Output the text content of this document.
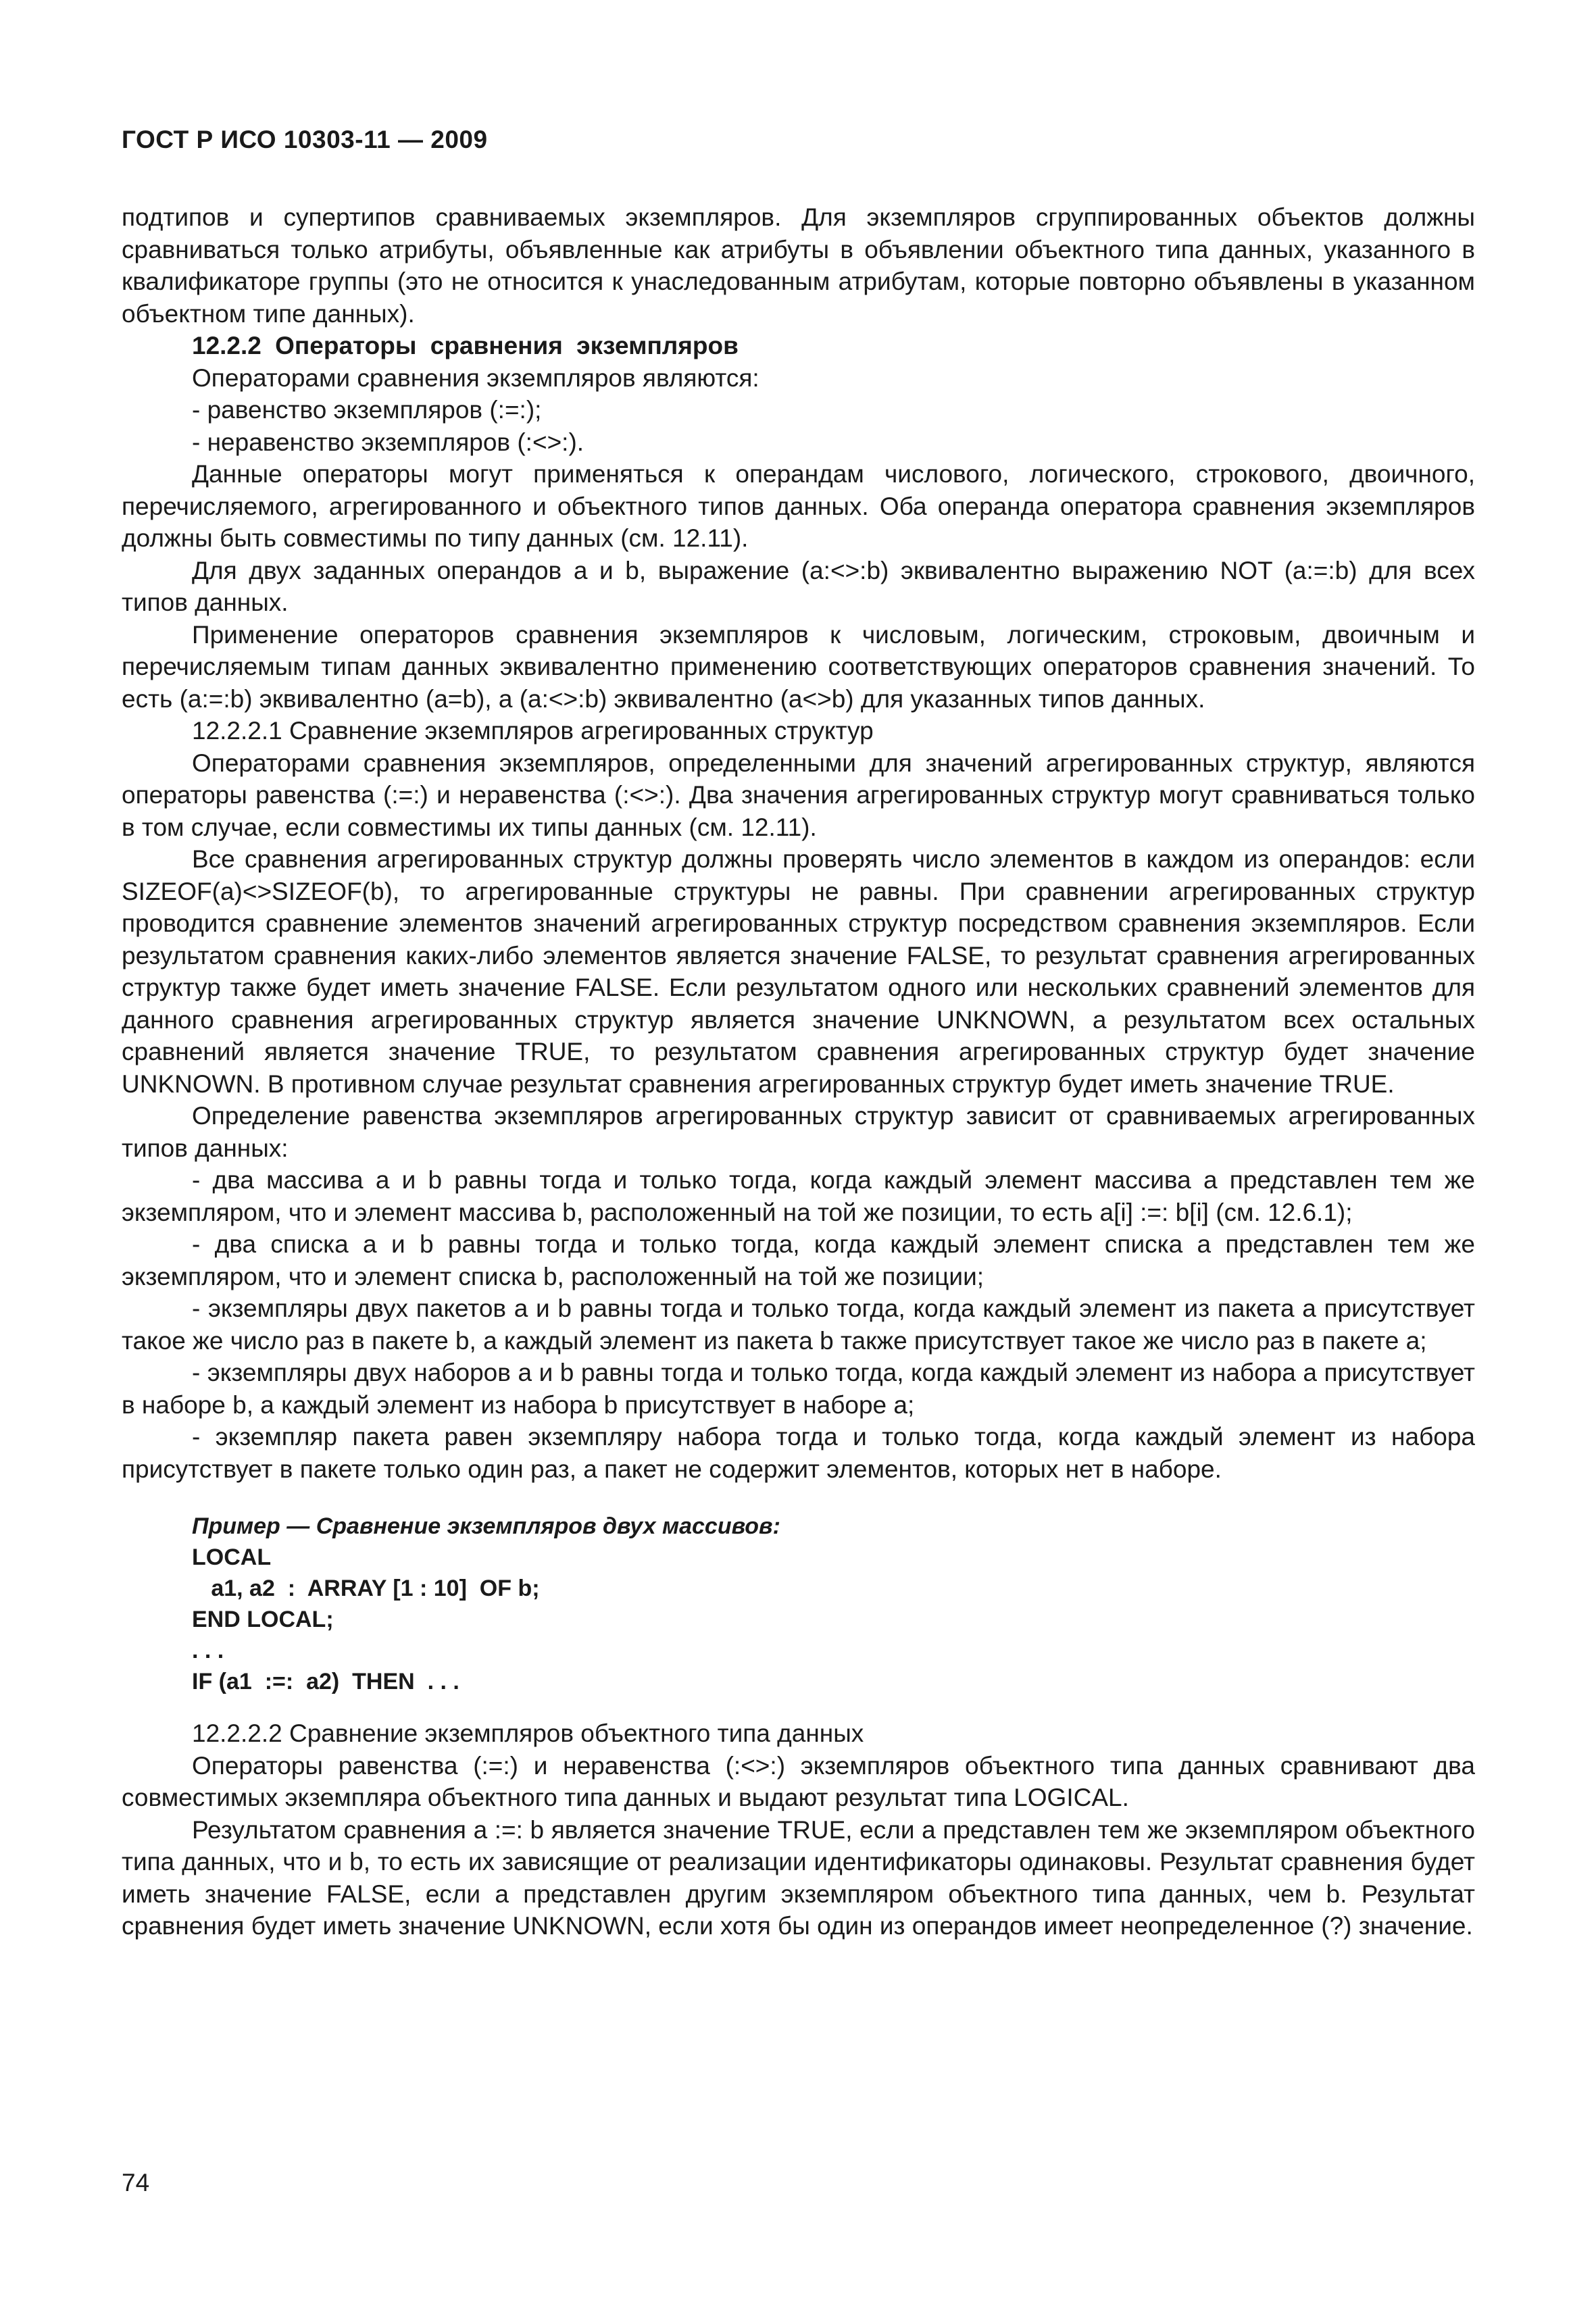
ГОСТ Р ИСО 10303-11 — 2009

подтипов и супертипов сравниваемых экземпляров. Для экземпляров сгруппированных объектов должны сравниваться только атрибуты, объявленные как атрибуты в объявлении объектного типа данных, указанного в квалификаторе группы (это не относится к унаследованным атрибутам, которые повторно объявлены в указанном объектном типе данных).

12.2.2 Операторы сравнения экземпляров

Операторами сравнения экземпляров являются:

- равенство экземпляров (:=:);

- неравенство экземпляров (:<>:).

Данные операторы могут применяться к операндам числового, логического, строкового, двоичного, перечисляемого, агрегированного и объектного типов данных. Оба операнда оператора сравнения экземпляров должны быть совместимы по типу данных (см. 12.11).

Для двух заданных операндов a и b, выражение (a:<>:b) эквивалентно выражению NOT (a:=:b) для всех типов данных.

Применение операторов сравнения экземпляров к числовым, логическим, строковым, двоичным и перечисляемым типам данных эквивалентно применению соответствующих операторов сравнения значений. То есть (a:=:b) эквивалентно (a=b), а (a:<>:b) эквивалентно (a<>b) для указанных типов данных.

12.2.2.1 Сравнение экземпляров агрегированных структур

Операторами сравнения экземпляров, определенными для значений агрегированных структур, являются операторы равенства (:=:) и неравенства (:<>:). Два значения агрегированных структур могут сравниваться только в том случае, если совместимы их типы данных (см. 12.11).

Все сравнения агрегированных структур должны проверять число элементов в каждом из операндов: если SIZEOF(a)<>SIZEOF(b), то агрегированные структуры не равны. При сравнении агрегированных структур проводится сравнение элементов значений агрегированных структур посредством сравнения экземпляров. Если результатом сравнения каких-либо элементов является значение FALSE, то результат сравнения агрегированных структур также будет иметь значение FALSE. Если результатом одного или нескольких сравнений элементов для данного сравнения агрегированных структур является значение UNKNOWN, а результатом всех остальных сравнений является значение TRUE, то результатом сравнения агрегированных структур будет значение UNKNOWN. В противном случае результат сравнения агрегированных структур будет иметь значение TRUE.

Определение равенства экземпляров агрегированных структур зависит от сравниваемых агрегированных типов данных:

- два массива a и b равны тогда и только тогда, когда каждый элемент массива a представлен тем же экземпляром, что и элемент массива b, расположенный на той же позиции, то есть a[i] :=: b[i] (см. 12.6.1);

- два списка a и b равны тогда и только тогда, когда каждый элемент списка a представлен тем же экземпляром, что и элемент списка b, расположенный на той же позиции;

- экземпляры двух пакетов a и b равны тогда и только тогда, когда каждый элемент из пакета a присутствует такое же число раз в пакете b, а каждый элемент из пакета b также присутствует такое же число раз в пакете a;

- экземпляры двух наборов a и b равны тогда и только тогда, когда каждый элемент из набора a присутствует в наборе b, а каждый элемент из набора b присутствует в наборе a;

- экземпляр пакета равен экземпляру набора тогда и только тогда, когда каждый элемент из набора присутствует в пакете только один раз, а пакет не содержит элементов, которых нет в наборе.

Пример — Сравнение экземпляров двух массивов:
LOCAL
a1, a2  :  ARRAY [1 : 10]  OF b;
END LOCAL;
. . .
IF (a1  :=:  a2)  THEN  . . .

12.2.2.2 Сравнение экземпляров объектного типа данных

Операторы равенства (:=:) и неравенства (:<>:) экземпляров объектного типа данных сравнивают два совместимых экземпляра объектного типа данных и выдают результат типа LOGICAL.

Результатом сравнения a :=: b является значение TRUE, если a представлен тем же экземпляром объектного типа данных, что и b, то есть их зависящие от реализации идентификаторы одинаковы. Результат сравнения будет иметь значение FALSE, если a представлен другим экземпляром объектного типа данных, чем b. Результат сравнения будет иметь значение UNKNOWN, если хотя бы один из операндов имеет неопределенное (?) значение.

74
